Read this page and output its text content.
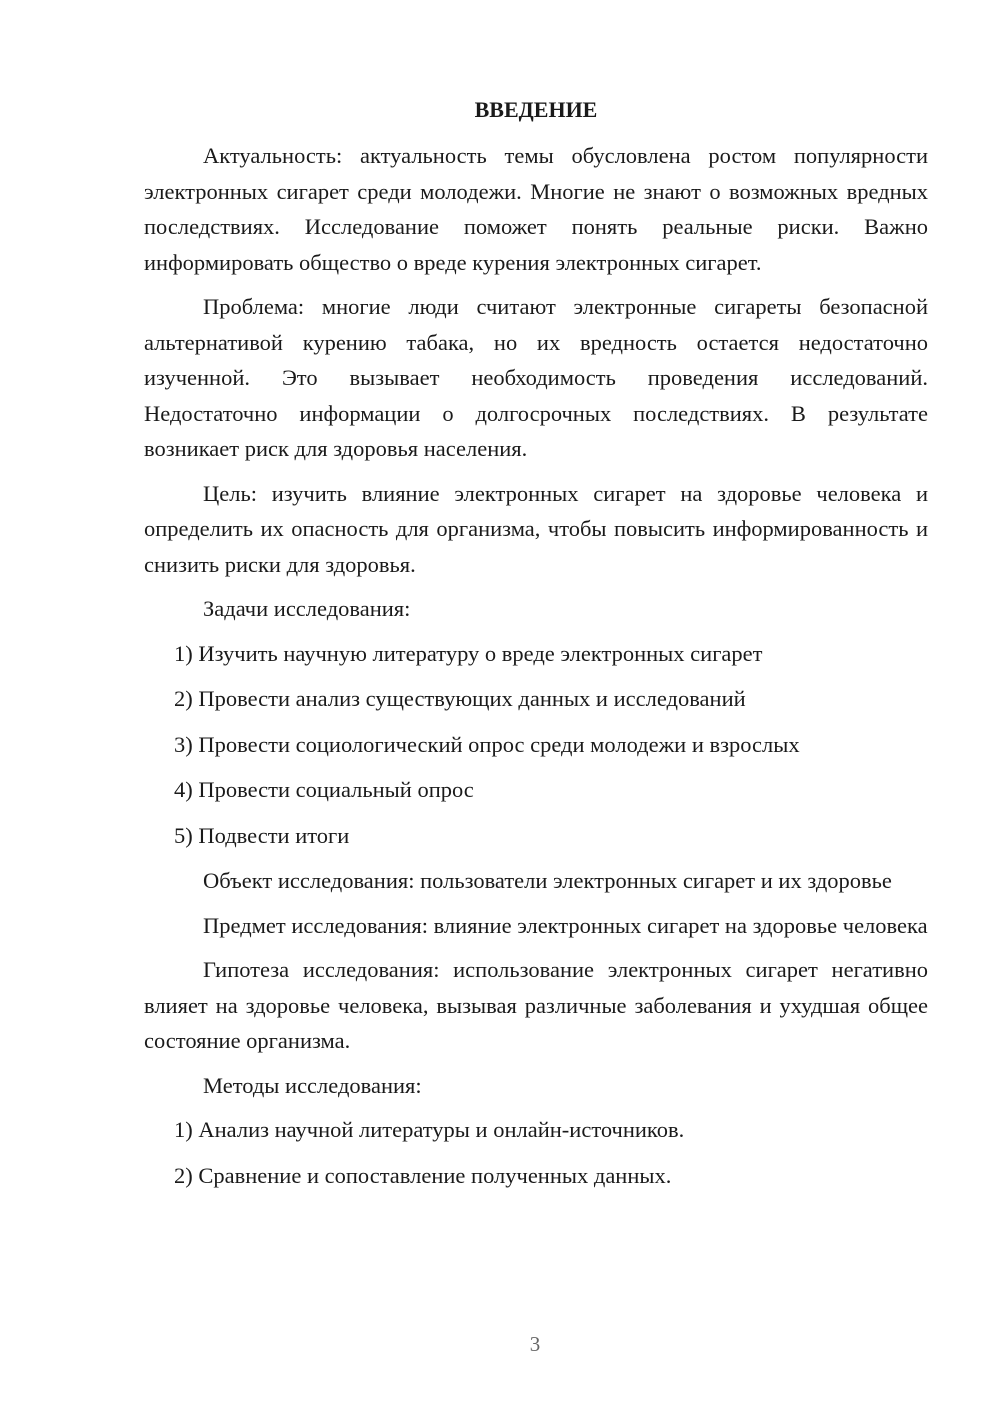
ВВЕДЕНИЕ
Актуальность: актуальность темы обусловлена ростом популярности электронных сигарет среди молодежи. Многие не знают о возможных вредных последствиях. Исследование поможет понять реальные риски. Важно информировать общество о вреде курения электронных сигарет.
Проблема: многие люди считают электронные сигареты безопасной альтернативой курению табака, но их вредность остается недостаточно изученной. Это вызывает необходимость проведения исследований. Недостаточно информации о долгосрочных последствиях. В результате возникает риск для здоровья населения.
Цель: изучить влияние электронных сигарет на здоровье человека и определить их опасность для организма, чтобы повысить информированность и снизить риски для здоровья.
Задачи исследования:
1) Изучить научную литературу о вреде электронных сигарет
2) Провести анализ существующих данных и исследований
3) Провести социологический опрос среди молодежи и взрослых
4) Провести социальный опрос
5) Подвести итоги
Объект исследования: пользователи электронных сигарет и их здоровье
Предмет исследования: влияние электронных сигарет на здоровье человека
Гипотеза исследования: использование электронных сигарет негативно влияет на здоровье человека, вызывая различные заболевания и ухудшая общее состояние организма.
Методы исследования:
1) Анализ научной литературы и онлайн-источников.
2) Сравнение и сопоставление полученных данных.
3
